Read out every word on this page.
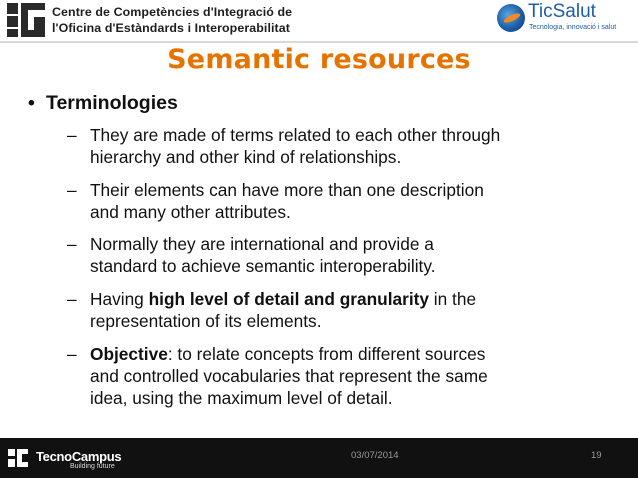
Centre de Competències d'Integració de
l'Oficina d'Estàndards i Interoperabilitat
TicSalut
Tecnologia, innovació i salut
Semantic resources
• Terminologies
– They are made of terms related to each other through
hierarchy and other kind of relationships.
– Their elements can have more than one description
and many other attributes.
– Normally they are international and provide a
standard to achieve semantic interoperability.
– Having high level of detail and granularity in the
representation of its elements.
– Objective: to relate concepts from different sources
and controlled vocabularies that represent the same
idea, using the maximum level of detail.
TecnoCampus
Building future
03/07/2014	19
